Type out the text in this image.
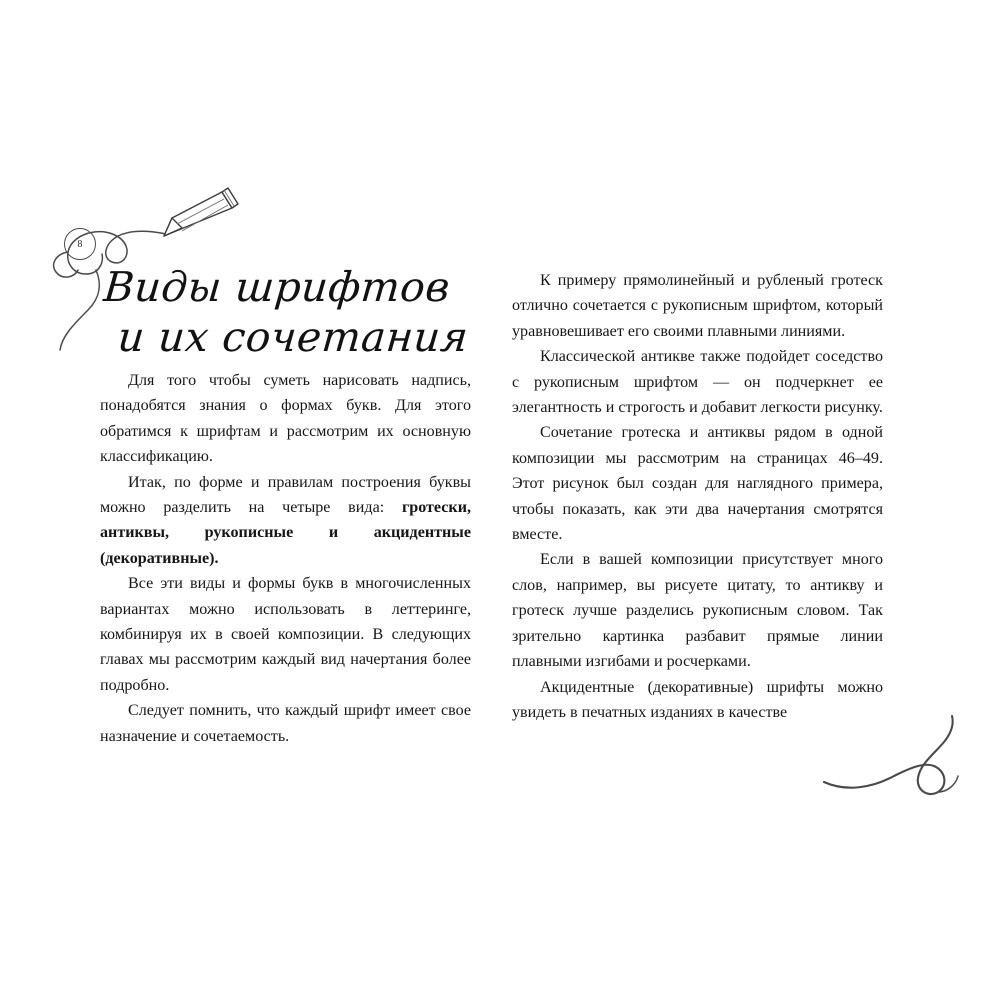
8
Виды шрифтов
и их сочетания

Для того чтобы суметь нарисовать надпись, понадобятся знания о формах букв. Для этого обратимся к шрифтам и рассмотрим их основную классификацию.

Итак, по форме и правилам построения буквы можно разделить на четыре вида: гротески, антиквы, рукописные и акцидентные (декоративные).

Все эти виды и формы букв в многочисленных вариантах можно использовать в леттеринге, комбинируя их в своей композиции. В следующих главах мы рассмотрим каждый вид начертания более подробно.

Следует помнить, что каждый шрифт имеет свое назначение и сочетаемость.

К примеру прямолинейный и рубленый гротеск отлично сочетается с рукописным шрифтом, который уравновешивает его своими плавными линиями.

Классической антикве также подойдет соседство с рукописным шрифтом — он подчеркнет ее элегантность и строгость и добавит легкости рисунку.

Сочетание гротеска и антиквы рядом в одной композиции мы рассмотрим на страницах 46–49. Этот рисунок был создан для наглядного примера, чтобы показать, как эти два начертания смотрятся вместе.

Если в вашей композиции присутствует много слов, например, вы рисуете цитату, то антикву и гротеск лучше разделись рукописным словом. Так зрительно картинка разбавит прямые линии плавными изгибами и росчерками.

Акцидентные (декоративные) шрифты можно увидеть в печатных изданиях в качестве
